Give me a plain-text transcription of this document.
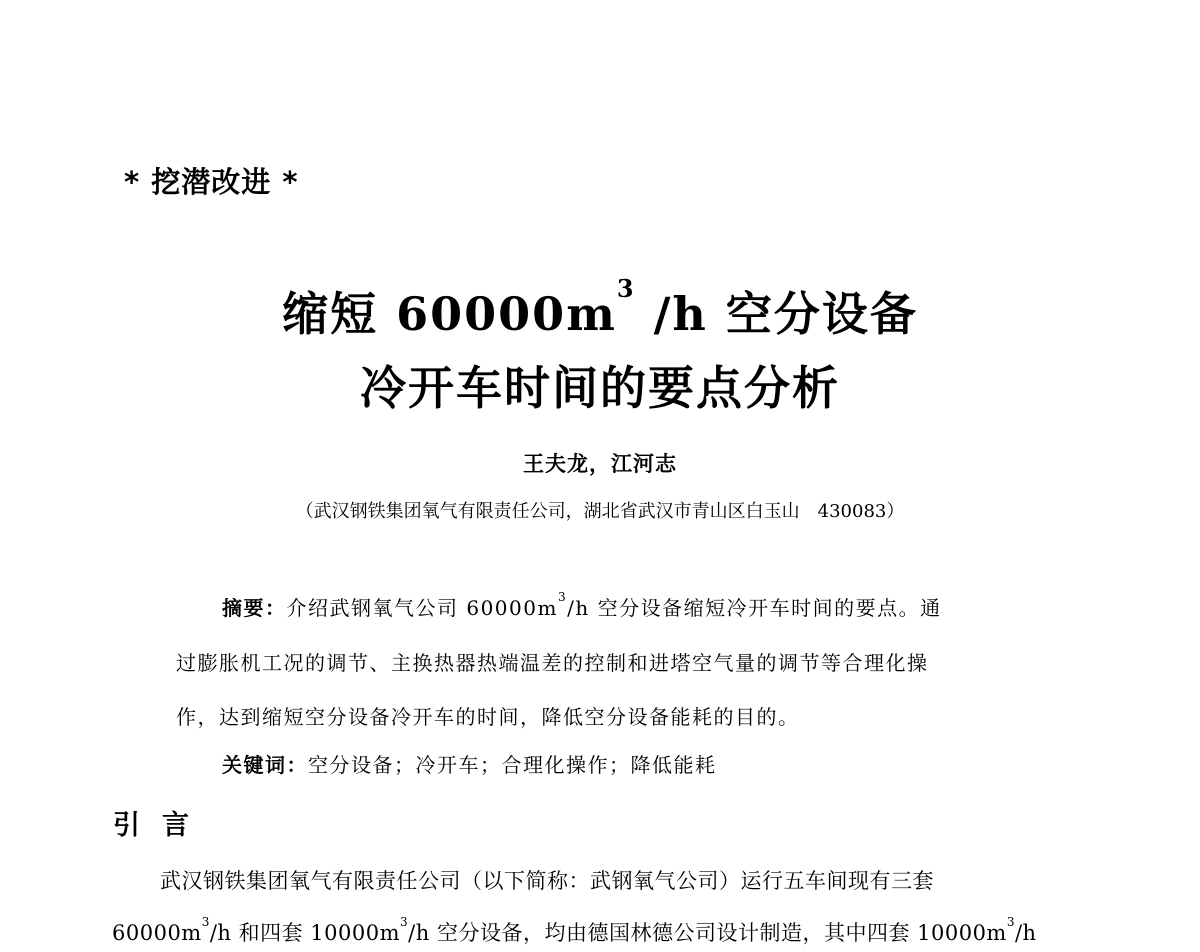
* 挖潜改进 *
缩短 $60000m^3$ /h 空分设备
冷开车时间的要点分析
王夫龙，江河志
（武汉钢铁集团氧气有限责任公司，湖北省武汉市青山区白玉山 430083）
摘要：介绍武钢氧气公司 $60000m^3/h$ 空分设备缩短冷开车时间的要点。通
过膨胀机工况的调节、主换热器热端温差的控制和进塔空气量的调节等合理化操
作，达到缩短空分设备冷开车的时间，降低空分设备能耗的目的。
关键词：空分设备；冷开车；合理化操作；降低能耗
引 言
武汉钢铁集团氧气有限责任公司（以下简称：武钢氧气公司）运行五车间现有三套
$60000m^3/h$ 和四套 $10000m^3/h$ 空分设备，均由德国林德公司设计制造，其中四套 $10000m^3/h$
